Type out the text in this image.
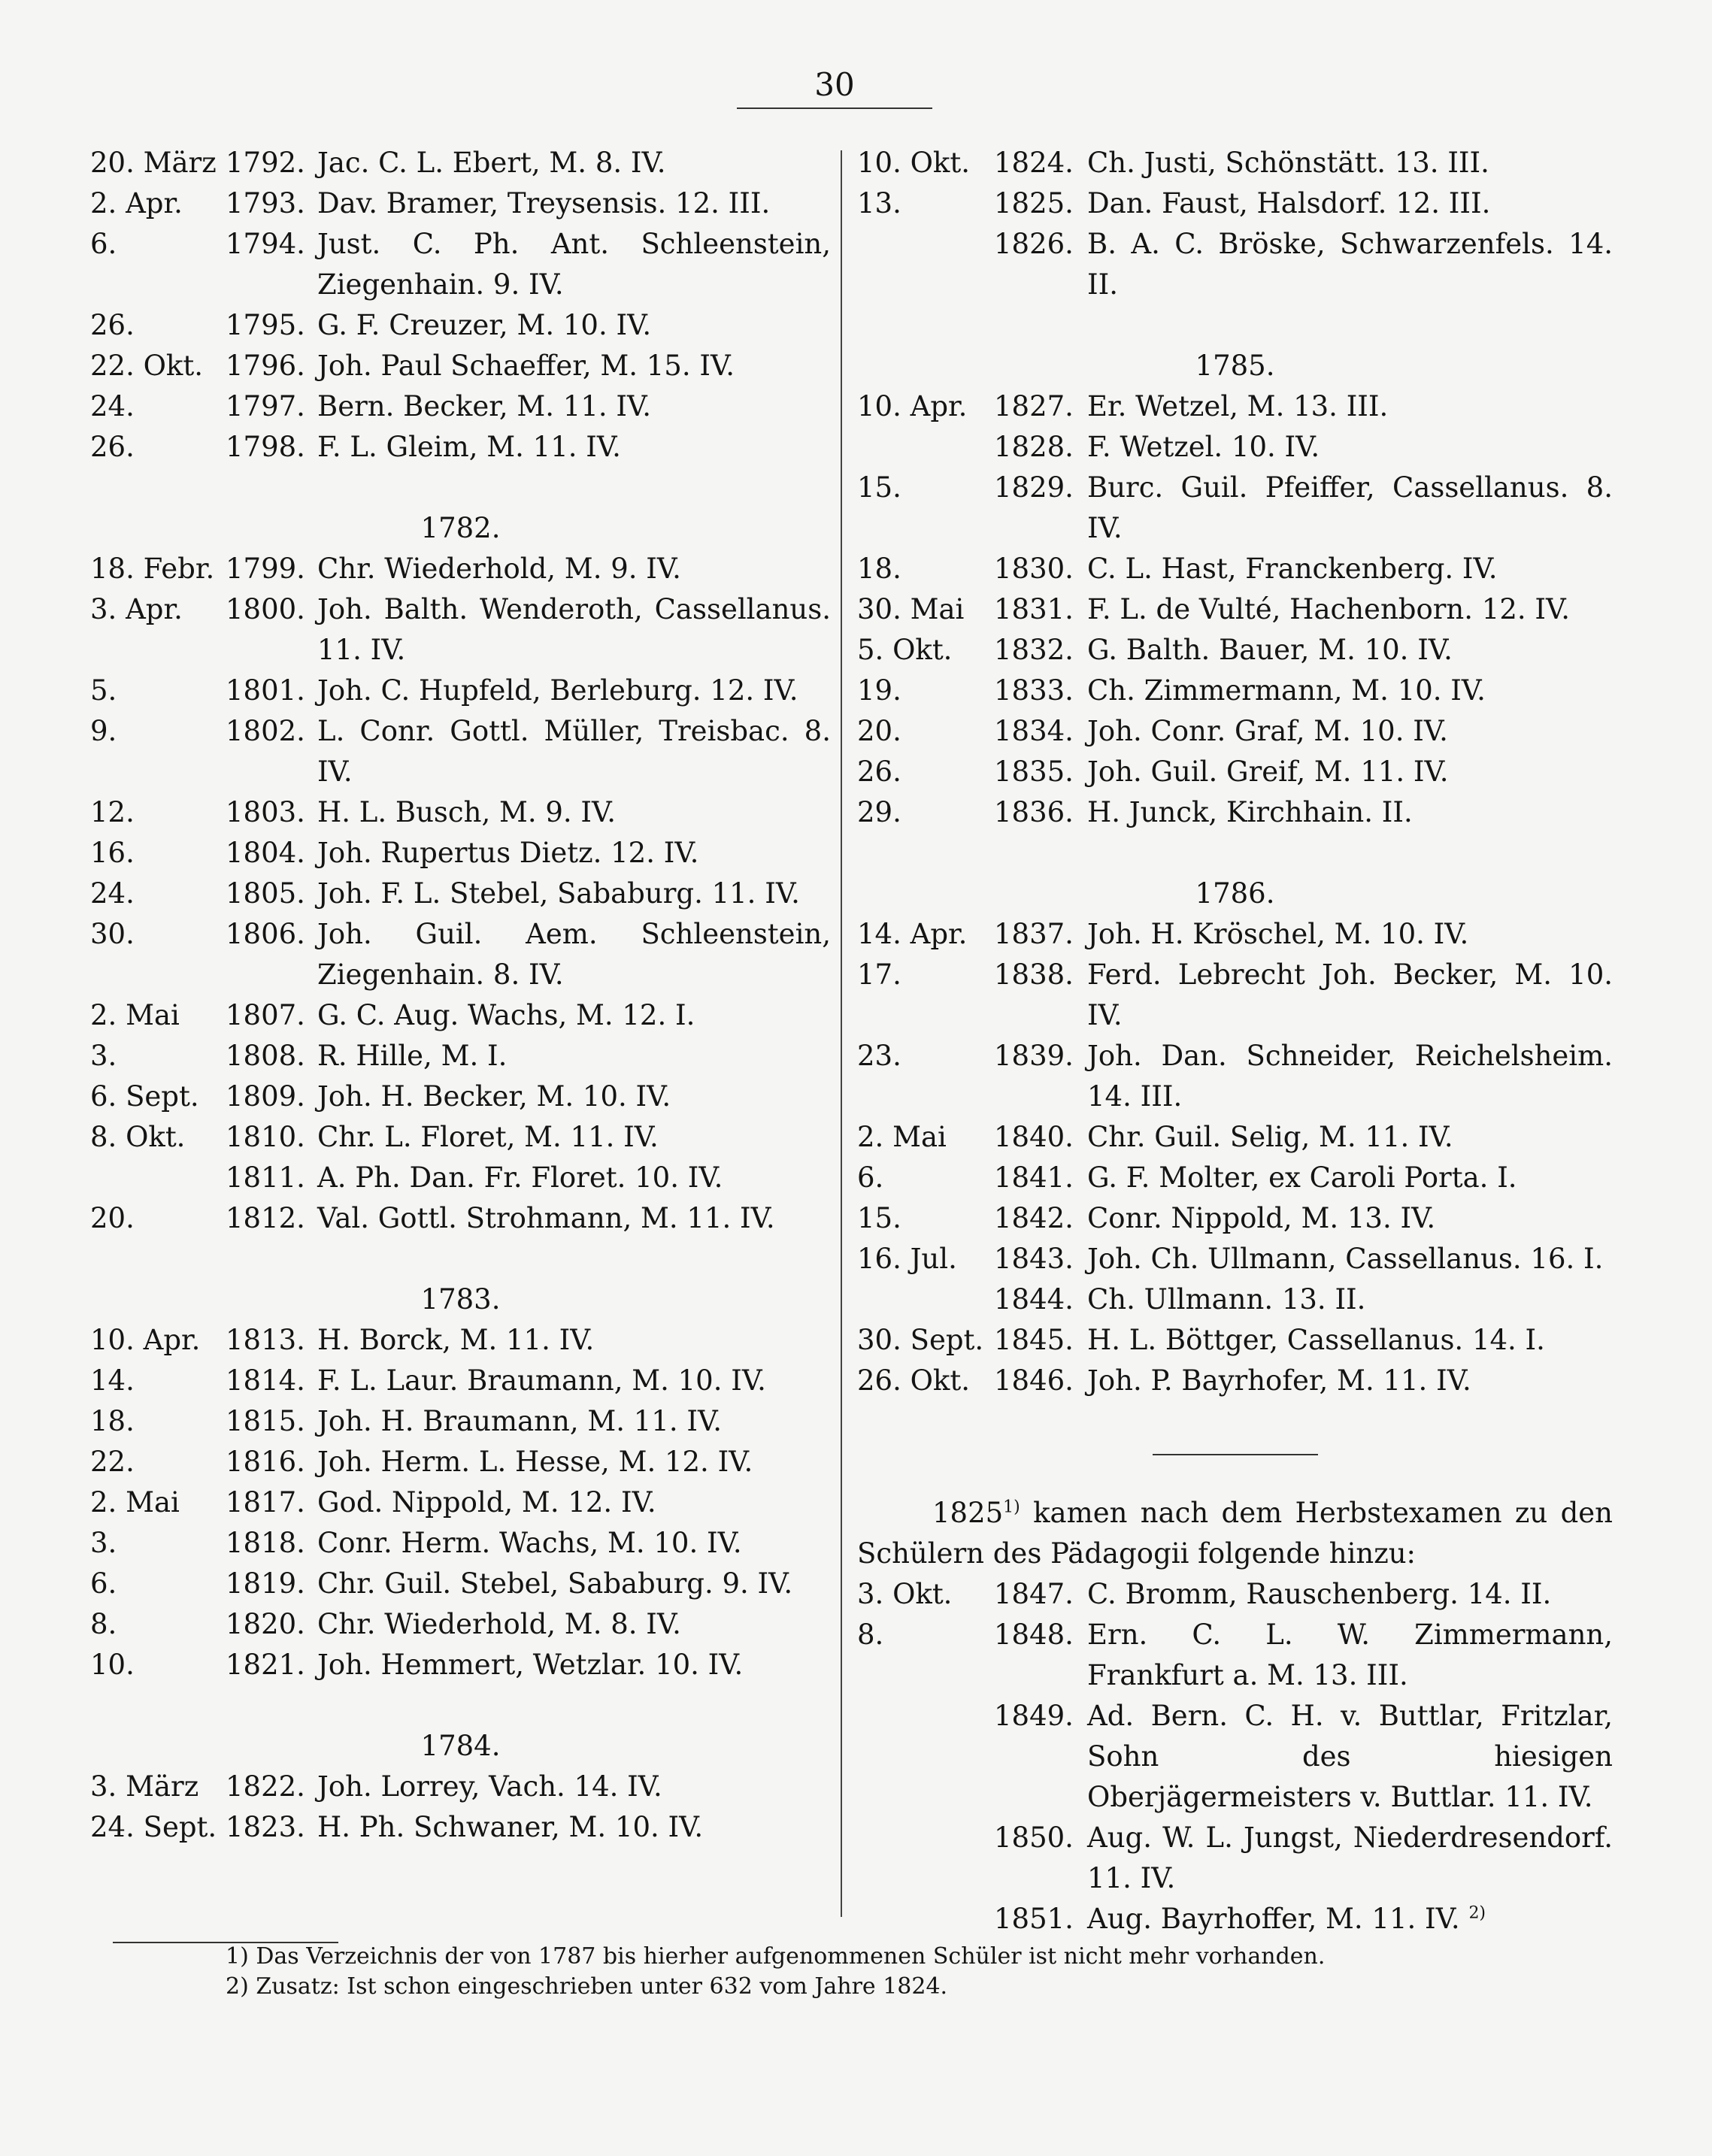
30
20. März 1792. Jac. C. L. Ebert, M. 8. IV.
2. Apr. 1793. Dav. Bramer, Treysensis. 12. III.
6.	1794. Just. C. Ph. Ant. Schleenstein, Ziegenhain. 9. IV.
26.	1795. G. F. Creuzer, M. 10. IV.
22. Okt. 1796. Joh. Paul Schaeffer, M. 15. IV.
24.	1797. Bern. Becker, M. 11. IV.
26.	1798. F. L. Gleim, M. 11. IV.
1782.
18. Febr. 1799. Chr. Wiederhold, M. 9. IV.
3. Apr. 1800. Joh. Balth. Wenderoth, Cassellanus. 11. IV.
5.	1801. Joh. C. Hupfeld, Berleburg. 12. IV.
9.	1802. L. Conr. Gottl. Müller, Treisbac. 8. IV.
12.	1803. H. L. Busch, M. 9. IV.
16.	1804. Joh. Rupertus Dietz. 12. IV.
24.	1805. Joh. F. L. Stebel, Sababurg. 11. IV.
30.	1806. Joh. Guil. Aem. Schleenstein, Ziegenhain. 8. IV.
2. Mai 1807. G. C. Aug. Wachs, M. 12. I.
3.	1808. R. Hille, M. I.
6. Sept. 1809. Joh. H. Becker, M. 10. IV.
8. Okt. 1810. Chr. L. Floret, M. 11. IV.
1811. A. Ph. Dan. Fr. Floret. 10. IV.
20.	1812. Val. Gottl. Strohmann, M. 11. IV.
1783.
10. Apr. 1813. H. Borck, M. 11. IV.
14.	1814. F. L. Laur. Braumann, M. 10. IV.
18.	1815. Joh. H. Braumann, M. 11. IV.
22.	1816. Joh. Herm. L. Hesse, M. 12. IV.
2. Mai 1817. God. Nippold, M. 12. IV.
3.	1818. Conr. Herm. Wachs, M. 10. IV.
6.	1819. Chr. Guil. Stebel, Sababurg. 9. IV.
8.	1820. Chr. Wiederhold, M. 8. IV.
10.	1821. Joh. Hemmert, Wetzlar. 10. IV.
1784.
3. März 1822. Joh. Lorrey, Vach. 14. IV.
24. Sept. 1823. H. Ph. Schwaner, M. 10. IV.
10. Okt. 1824. Ch. Justi, Schönstätt. 13. III.
13.	1825. Dan. Faust, Halsdorf. 12. III.
1826. B. A. C. Bröske, Schwarzenfels. 14. II.
1785.
10. Apr. 1827. Er. Wetzel, M. 13. III.
1828. F. Wetzel. 10. IV.
15.	1829. Burc. Guil. Pfeiffer, Cassellanus. 8. IV.
18.	1830. C. L. Hast, Franckenberg. IV.
30. Mai 1831. F. L. de Vulté, Hachenborn. 12. IV.
5. Okt. 1832. G. Balth. Bauer, M. 10. IV.
19.	1833. Ch. Zimmermann, M. 10. IV.
20.	1834. Joh. Conr. Graf, M. 10. IV.
26.	1835. Joh. Guil. Greif, M. 11. IV.
29.	1836. H. Junck, Kirchhain. II.
1786.
14. Apr. 1837. Joh. H. Kröschel, M. 10. IV.
17.	1838. Ferd. Lebrecht Joh. Becker, M. 10. IV.
23.	1839. Joh. Dan. Schneider, Reichelsheim. 14. III.
2. Mai 1840. Chr. Guil. Selig, M. 11. IV.
6.	1841. G. F. Molter, ex Caroli Porta. I.
15.	1842. Conr. Nippold, M. 13. IV.
16. Jul. 1843. Joh. Ch. Ullmann, Cassellanus. 16. I.
1844. Ch. Ullmann. 13. II.
30. Sept. 1845. H. L. Böttger, Cassellanus. 14. I.
26. Okt. 1846. Joh. P. Bayrhofer, M. 11. IV.
1825$^{1)}$ kamen nach dem Herbstexamen zu den Schülern des Pädagogii folgende hinzu:
3. Okt. 1847. C. Bromm, Rauschenberg. 14. II.
8.	1848. Ern. C. L. W. Zimmermann, Frankfurt a. M. 13. III.
1849. Ad. Bern. C. H. v. Buttlar, Fritzlar, Sohn des hiesigen Oberjägermeisters v. Buttlar. 11. IV.
1850. Aug. W. L. Jungst, Niederdresendorf. 11. IV.
1851. Aug. Bayrhoffer, M. 11. IV. $^{2)}$
1) Das Verzeichnis der von 1787 bis hierher aufgenommenen Schüler ist nicht mehr vorhanden.
2) Zusatz: Ist schon eingeschrieben unter 632 vom Jahre 1824.
